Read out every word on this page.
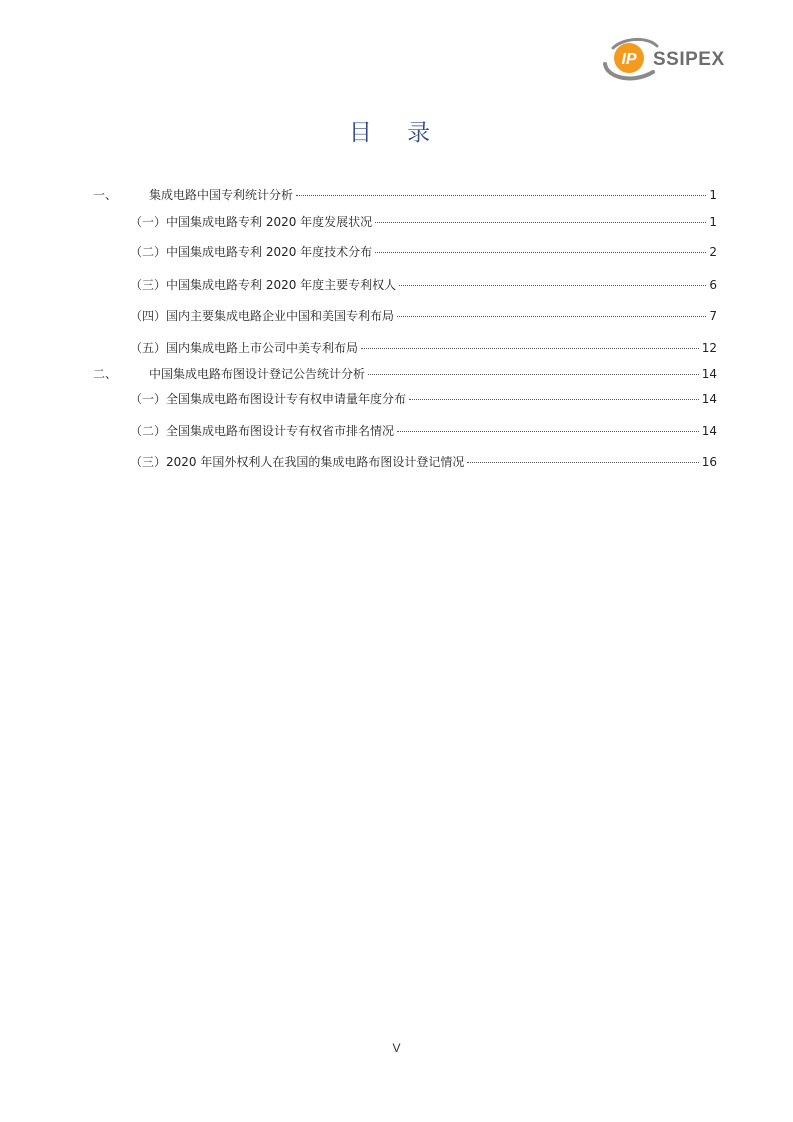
IP SSIPEX
目 录
一、	集成电路中国专利统计分析	1
（一）中国集成电路专利 2020 年度发展状况	1
（二）中国集成电路专利 2020 年度技术分布	2
（三）中国集成电路专利 2020 年度主要专利权人	6
（四）国内主要集成电路企业中国和美国专利布局	7
（五）国内集成电路上市公司中美专利布局	12
二、	中国集成电路布图设计登记公告统计分析	14
（一）全国集成电路布图设计专有权申请量年度分布	14
（二）全国集成电路布图设计专有权省市排名情况	14
（三）2020 年国外权利人在我国的集成电路布图设计登记情况	16
V
